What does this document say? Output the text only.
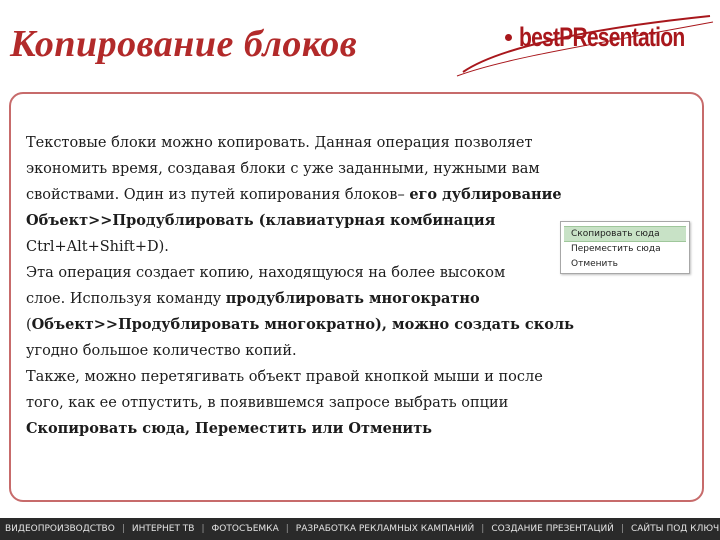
Копирование блоков	bestPResentation
Текстовые блоки можно копировать. Данная операция позволяет
экономить время, создавая блоки с уже заданными, нужными вам
свойствами. Один из путей копирования блоков– его дублирование
Объект>>Продублировать (клавиатурная комбинация
Ctrl+Alt+Shift+D).
Эта операция создает копию, находящуюся на более высоком
слое. Используя команду продублировать многократно
(Объект>>Продублировать многократно), можно создать сколь
угодно большое количество копий.
Также, можно перетягивать объект правой кнопкой мыши и после
того, как ее отпустить, в появившемся запросе выбрать опции
Скопировать сюда, Переместить или Отменить
Скопировать сюда
Переместить сюда
Отменить
ВИДЕОПРОИЗВОДСТВО | ИНТЕРНЕТ ТВ | ФОТОСЪЕМКА | РАЗРАБОТКА РЕКЛАМНЫХ КАМПАНИЙ | СОЗДАНИЕ ПРЕЗЕНТАЦИЙ | САЙТЫ ПОД КЛЮЧ
